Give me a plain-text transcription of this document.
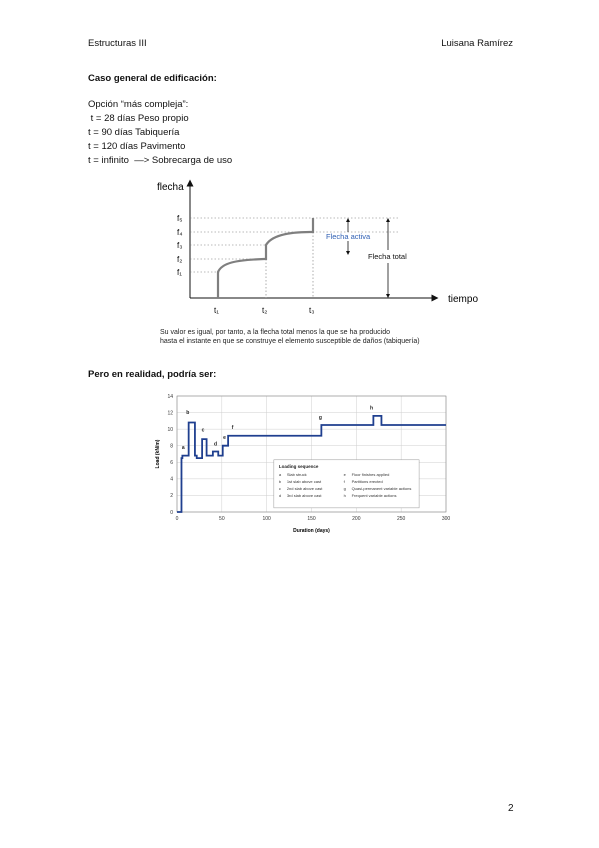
Estructuras III	Luisana Ramírez
Caso general de edificación:
Opción “más compleja”:
t = 28 días Peso propio
t = 90 días Tabiquería
t = 120 días Pavimento
t = infinito  —> Sobrecarga de uso
flecha
tiempo
f₅
f₄
f₃
f₂
f₁
t₁	t₂	t₃
Flecha activa
Flecha total
Su valor es igual, por tanto, a la flecha total menos la que se ha producido
hasta el instante en que se construye el elemento susceptible de daños (tabiquería)
Pero en realidad, podría ser:
0	50	100	150	200	250	300
0
2
4
6
8
10
12
14
Duration (days)
Load (kN/m)	Loading sequence
a Slab struck	e Floor finishes applied
b 1st slab above cast	f Partitions erected
c 2nd slab above cast	g Quasi-permanent variable actions
d 3rd slab above cast	h Frequent variable actions
a
b
c
d
e
f
g
h
2
